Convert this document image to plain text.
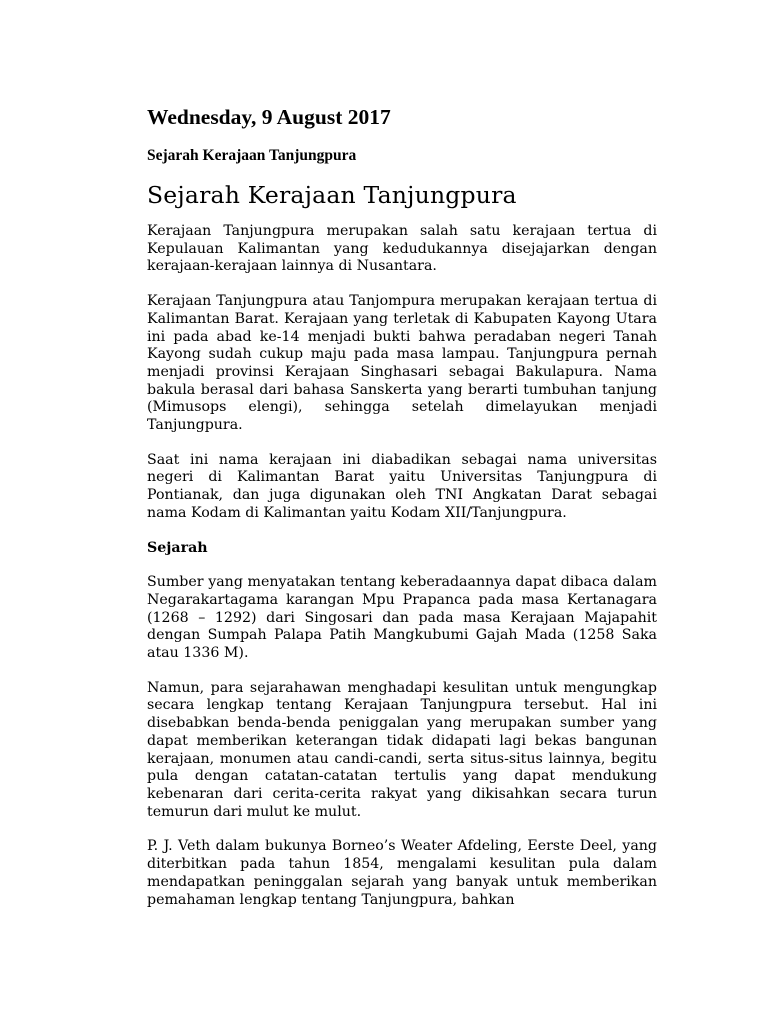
Wednesday, 9 August 2017
Sejarah Kerajaan Tanjungpura
Sejarah Kerajaan Tanjungpura

Kerajaan Tanjungpura merupakan salah satu kerajaan tertua di Kepulauan Kalimantan yang kedudukannya disejajarkan dengan kerajaan-kerajaan lainnya di Nusantara.

Kerajaan Tanjungpura atau Tanjompura merupakan kerajaan tertua di Kalimantan Barat. Kerajaan yang terletak di Kabupaten Kayong Utara ini pada abad ke-14 menjadi bukti bahwa peradaban negeri Tanah Kayong sudah cukup maju pada masa lampau. Tanjungpura pernah menjadi provinsi Kerajaan Singhasari sebagai Bakulapura. Nama bakula berasal dari bahasa Sanskerta yang berarti tumbuhan tanjung (Mimusops elengi), sehingga setelah dimelayukan menjadi Tanjungpura.

Saat ini nama kerajaan ini diabadikan sebagai nama universitas negeri di Kalimantan Barat yaitu Universitas Tanjungpura di Pontianak, dan juga digunakan oleh TNI Angkatan Darat sebagai nama Kodam di Kalimantan yaitu Kodam XII/Tanjungpura.

Sejarah

Sumber yang menyatakan tentang keberadaannya dapat dibaca dalam Negarakartagama karangan Mpu Prapanca pada masa Kertanagara (1268 – 1292) dari Singosari dan pada masa Kerajaan Majapahit dengan Sumpah Palapa Patih Mangkubumi Gajah Mada (1258 Saka atau 1336 M).

Namun, para sejarahawan menghadapi kesulitan untuk mengungkap secara lengkap tentang Kerajaan Tanjungpura tersebut. Hal ini disebabkan benda-benda peniggalan yang merupakan sumber yang dapat memberikan keterangan tidak didapati lagi bekas bangunan kerajaan, monumen atau candi-candi, serta situs-situs lainnya, begitu pula dengan catatan-catatan tertulis yang dapat mendukung kebenaran dari cerita-cerita rakyat yang dikisahkan secara turun temurun dari mulut ke mulut.

P. J. Veth dalam bukunya Borneo’s Weater Afdeling, Eerste Deel, yang diterbitkan pada tahun 1854, mengalami kesulitan pula dalam mendapatkan peninggalan sejarah yang banyak untuk memberikan pemahaman lengkap tentang Tanjungpura, bahkan
